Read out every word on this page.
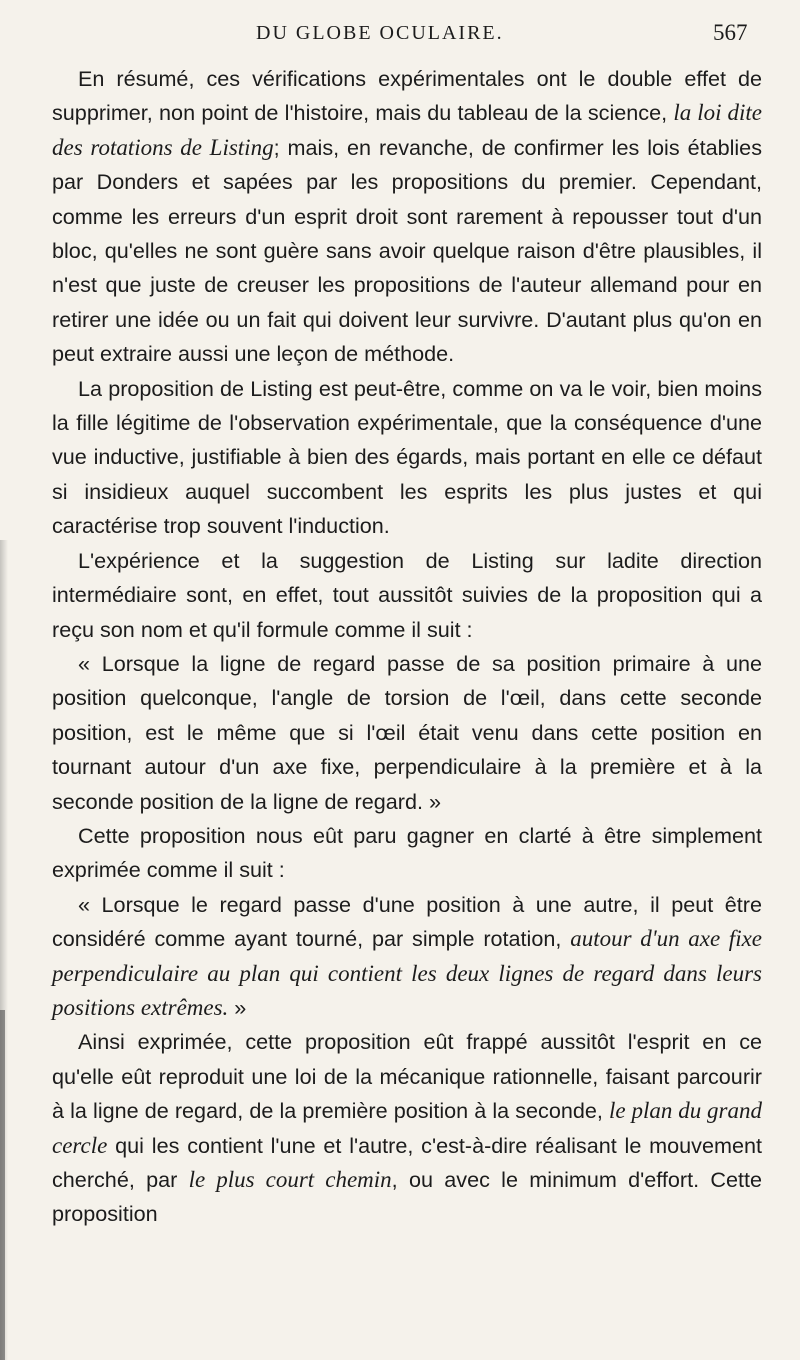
DU GLOBE OCULAIRE.	567

En résumé, ces vérifications expérimentales ont le double effet de supprimer, non point de l'histoire, mais du tableau de la science, la loi dite des rotations de Listing; mais, en revanche, de confirmer les lois établies par Donders et sapées par les propositions du premier. Cependant, comme les erreurs d'un esprit droit sont rarement à repousser tout d'un bloc, qu'elles ne sont guère sans avoir quelque raison d'être plausibles, il n'est que juste de creuser les propositions de l'auteur allemand pour en retirer une idée ou un fait qui doivent leur survivre. D'autant plus qu'on en peut extraire aussi une leçon de méthode.

La proposition de Listing est peut-être, comme on va le voir, bien moins la fille légitime de l'observation expérimentale, que la conséquence d'une vue inductive, justifiable à bien des égards, mais portant en elle ce défaut si insidieux auquel succombent les esprits les plus justes et qui caractérise trop souvent l'induction.

L'expérience et la suggestion de Listing sur ladite direction intermédiaire sont, en effet, tout aussitôt suivies de la proposition qui a reçu son nom et qu'il formule comme il suit :

« Lorsque la ligne de regard passe de sa position primaire à une position quelconque, l'angle de torsion de l'œil, dans cette seconde position, est le même que si l'œil était venu dans cette position en tournant autour d'un axe fixe, perpendiculaire à la première et à la seconde position de la ligne de regard. »

Cette proposition nous eût paru gagner en clarté à être simplement exprimée comme il suit :

« Lorsque le regard passe d'une position à une autre, il peut être considéré comme ayant tourné, par simple rotation, autour d'un axe fixe perpendiculaire au plan qui contient les deux lignes de regard dans leurs positions extrêmes. »

Ainsi exprimée, cette proposition eût frappé aussitôt l'esprit en ce qu'elle eût reproduit une loi de la mécanique rationnelle, faisant parcourir à la ligne de regard, de la première position à la seconde, le plan du grand cercle qui les contient l'une et l'autre, c'est-à-dire réalisant le mouvement cherché, par le plus court chemin, ou avec le minimum d'effort. Cette proposition
